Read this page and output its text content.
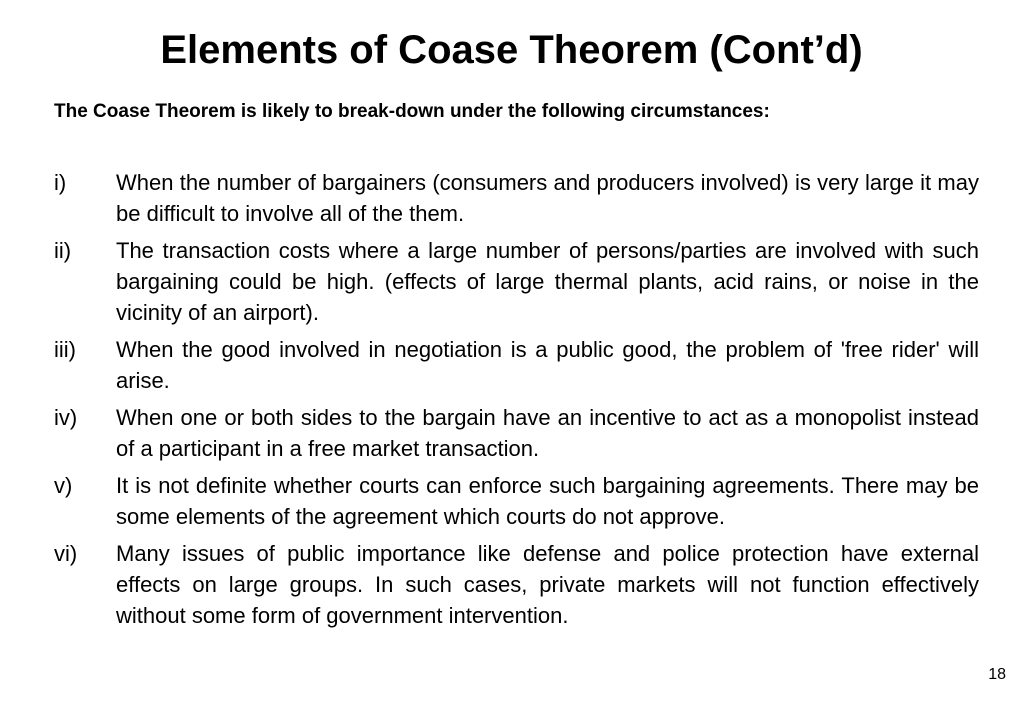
Elements of Coase Theorem (Cont’d)

The Coase Theorem is likely to break-down under the following circumstances:

i)	When the number of bargainers (consumers and producers involved) is very large it may be difficult to involve all of the them.
ii)	The transaction costs where a large number of persons/parties are involved with such bargaining could be high. (effects of large thermal plants, acid rains, or noise in the vicinity of an airport).
iii)	When the good involved in negotiation is a public good, the problem of 'free rider' will arise.
iv)	When one or both sides to the bargain have an incentive to act as a monopolist instead of a participant in a free market transaction.
v)	It is not definite whether courts can enforce such bargaining agreements. There may be some elements of the agreement which courts do not approve.
vi)	Many issues of public importance like defense and police protection have external effects on large groups. In such cases, private markets will not function effectively without some form of government intervention.
18
